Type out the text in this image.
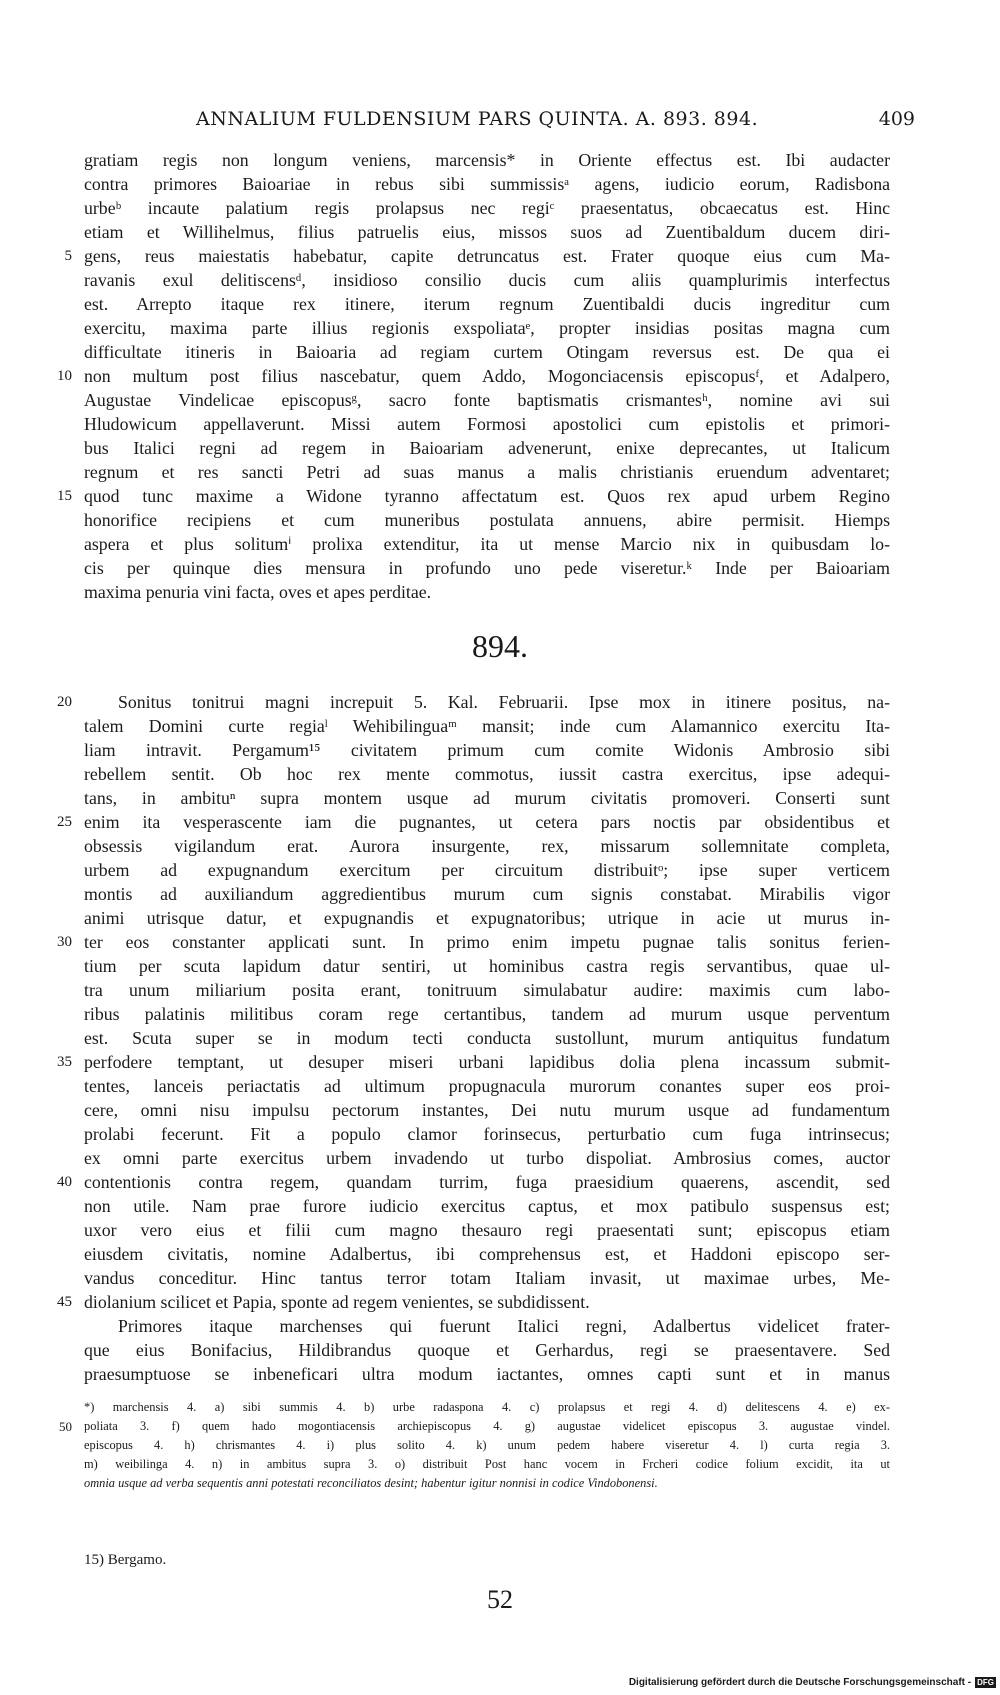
ANNALIUM FULDENSIUM PARS QUINTA. A. 893. 894.	409
gratiam regis non longum veniens, marcensis* in Oriente effectus est. Ibi audacter
contra primores Baioariae in rebus sibi summissisᵃ agens, iudicio eorum, Radisbona
urbeᵇ incaute palatium regis prolapsus nec regiᶜ praesentatus, obcaecatus est. Hinc
etiam et Willihelmus, filius patruelis eius, missos suos ad Zuentibaldum ducem diri-
gens, reus maiestatis habebatur, capite detruncatus est. Frater quoque eius cum Ma-
ravanis exul delitiscensᵈ, insidioso consilio ducis cum aliis quamplurimis interfectus
est. Arrepto itaque rex itinere, iterum regnum Zuentibaldi ducis ingreditur cum
exercitu, maxima parte illius regionis exspoliataᵉ, propter insidias positas magna cum
difficultate itineris in Baioaria ad regiam curtem Otingam reversus est. De qua ei
non multum post filius nascebatur, quem Addo, Mogonciacensis episcopusᶠ, et Adalpero,
Augustae Vindelicae episcopusᵍ, sacro fonte baptismatis crismantesʰ, nomine avi sui
Hludowicum appellaverunt. Missi autem Formosi apostolici cum epistolis et primori-
bus Italici regni ad regem in Baioariam advenerunt, enixe deprecantes, ut Italicum
regnum et res sancti Petri ad suas manus a malis christianis eruendum adventaret;
quod tunc maxime a Widone tyranno affectatum est. Quos rex apud urbem Regino
honorifice recipiens et cum muneribus postulata annuens, abire permisit. Hiemps
aspera et plus solitumⁱ prolixa extenditur, ita ut mense Marcio nix in quibusdam lo-
cis per quinque dies mensura in profundo uno pede viseretur.ᵏ Inde per Baioariam
maxima penuria vini facta, oves et apes perditae.
894.
Sonitus tonitrui magni increpuit 5. Kal. Februarii. Ipse mox in itinere positus, na-
talem Domini curte regiaˡ Wehibilinguaᵐ mansit; inde cum Alamannico exercitu Ita-
liam intravit. Pergamum¹⁵ civitatem primum cum comite Widonis Ambrosio sibi
rebellem sentit. Ob hoc rex mente commotus, iussit castra exercitus, ipse adequi-
tans, in ambituⁿ supra montem usque ad murum civitatis promoveri. Conserti sunt
enim ita vesperascente iam die pugnantes, ut cetera pars noctis par obsidentibus et
obsessis vigilandum erat. Aurora insurgente, rex, missarum sollemnitate completa,
urbem ad expugnandum exercitum per circuitum distribuitᵒ; ipse super verticem
montis ad auxiliandum aggredientibus murum cum signis constabat. Mirabilis vigor
animi utrisque datur, et expugnandis et expugnatoribus; utrique in acie ut murus in-
ter eos constanter applicati sunt. In primo enim impetu pugnae talis sonitus ferien-
tium per scuta lapidum datur sentiri, ut hominibus castra regis servantibus, quae ul-
tra unum miliarium posita erant, tonitruum simulabatur audire: maximis cum labo-
ribus palatinis militibus coram rege certantibus, tandem ad murum usque perventum
est. Scuta super se in modum tecti conducta sustollunt, murum antiquitus fundatum
perfodere temptant, ut desuper miseri urbani lapidibus dolia plena incassum submit-
tentes, lanceis periactatis ad ultimum propugnacula murorum conantes super eos proi-
cere, omni nisu impulsu pectorum instantes, Dei nutu murum usque ad fundamentum
prolabi fecerunt. Fit a populo clamor forinsecus, perturbatio cum fuga intrinsecus;
ex omni parte exercitus urbem invadendo ut turbo dispoliat. Ambrosius comes, auctor
contentionis contra regem, quandam turrim, fuga praesidium quaerens, ascendit, sed
non utile. Nam prae furore iudicio exercitus captus, et mox patibulo suspensus est;
uxor vero eius et filii cum magno thesauro regi praesentati sunt; episcopus etiam
eiusdem civitatis, nomine Adalbertus, ibi comprehensus est, et Haddoni episcopo ser-
vandus conceditur. Hinc tantus terror totam Italiam invasit, ut maximae urbes, Me-
diolanium scilicet et Papia, sponte ad regem venientes, se subdidissent.
Primores itaque marchenses qui fuerunt Italici regni, Adalbertus videlicet frater-
que eius Bonifacius, Hildibrandus quoque et Gerhardus, regi se praesentavere. Sed
praesumptuose se inbeneficari ultra modum iactantes, omnes capti sunt et in manus
5
10
15
20
25
30
35
40
45
*) marchensis 4. a) sibi summis 4. b) urbe radaspona 4. c) prolapsus et regi 4. d) delitescens 4. e) ex-
poliata 3. f) quem hado mogontiacensis archiepiscopus 4. g) augustae videlicet episcopus 3. augustae vindel.
episcopus 4. h) chrismantes 4. i) plus solito 4. k) unum pedem habere viseretur 4. l) curta regia 3.
m) weibilinga 4. n) in ambitus supra 3. o) distribuit Post hanc vocem in Frcheri codice folium excidit, ita ut
omnia usque ad verba sequentis anni potestati reconciliatos desint; habentur igitur nonnisi in codice Vindobonensi.
50
15) Bergamo.
52
Digitalisierung gefördert durch die Deutsche Forschungsgemeinschaft - DFG
